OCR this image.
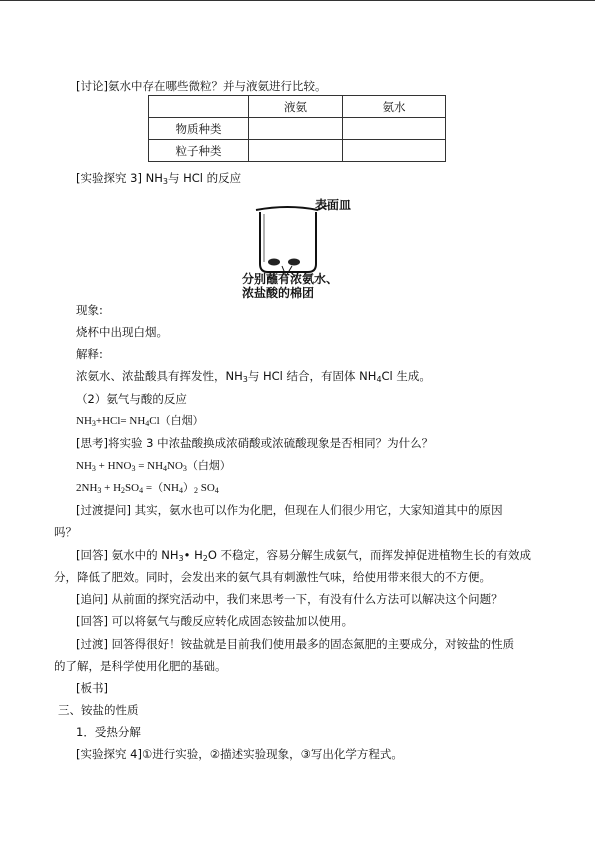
[讨论]氨水中存在哪些微粒？并与液氨进行比较。
	液氨	氨水
物质种类		
粒子种类		
[实验探究 3] $NH_3$与 HCl 的反应
表面皿
分别蘸有浓氨水、
浓盐酸的棉团
现象:
烧杯中出现白烟。
解释:
浓氨水、浓盐酸具有挥发性，$NH_3$与 HCl 结合，有固体 $NH_4Cl$ 生成。
（2）氨气与酸的反应
$NH_3+HCl= NH_4Cl$（白烟）
[思考]将实验 3 中浓盐酸换成浓硝酸或浓硫酸现象是否相同？为什么？
$NH_3 + HNO_3 = NH_4NO_3$（白烟）
$2NH_3 + H_2SO_4 =(NH_4)_2$ $SO_4$
[过渡提问] 其实，氨水也可以作为化肥，但现在人们很少用它，大家知道其中的原因
吗？
[回答] 氨水中的 $NH_3•$ $H_2O$ 不稳定，容易分解生成氨气，而挥发掉促进植物生长的有效成
分，降低了肥效。同时，会发出来的氨气具有刺激性气味，给使用带来很大的不方便。
[追问] 从前面的探究活动中，我们来思考一下，有没有什么方法可以解决这个问题？
[回答] 可以将氨气与酸反应转化成固态铵盐加以使用。
[过渡] 回答得很好！铵盐就是目前我们使用最多的固态氮肥的主要成分，对铵盐的性质
的了解，是科学使用化肥的基础。
[板书]
三、铵盐的性质
1．受热分解
[实验探究 4]①进行实验，②描述实验现象，③写出化学方程式。
